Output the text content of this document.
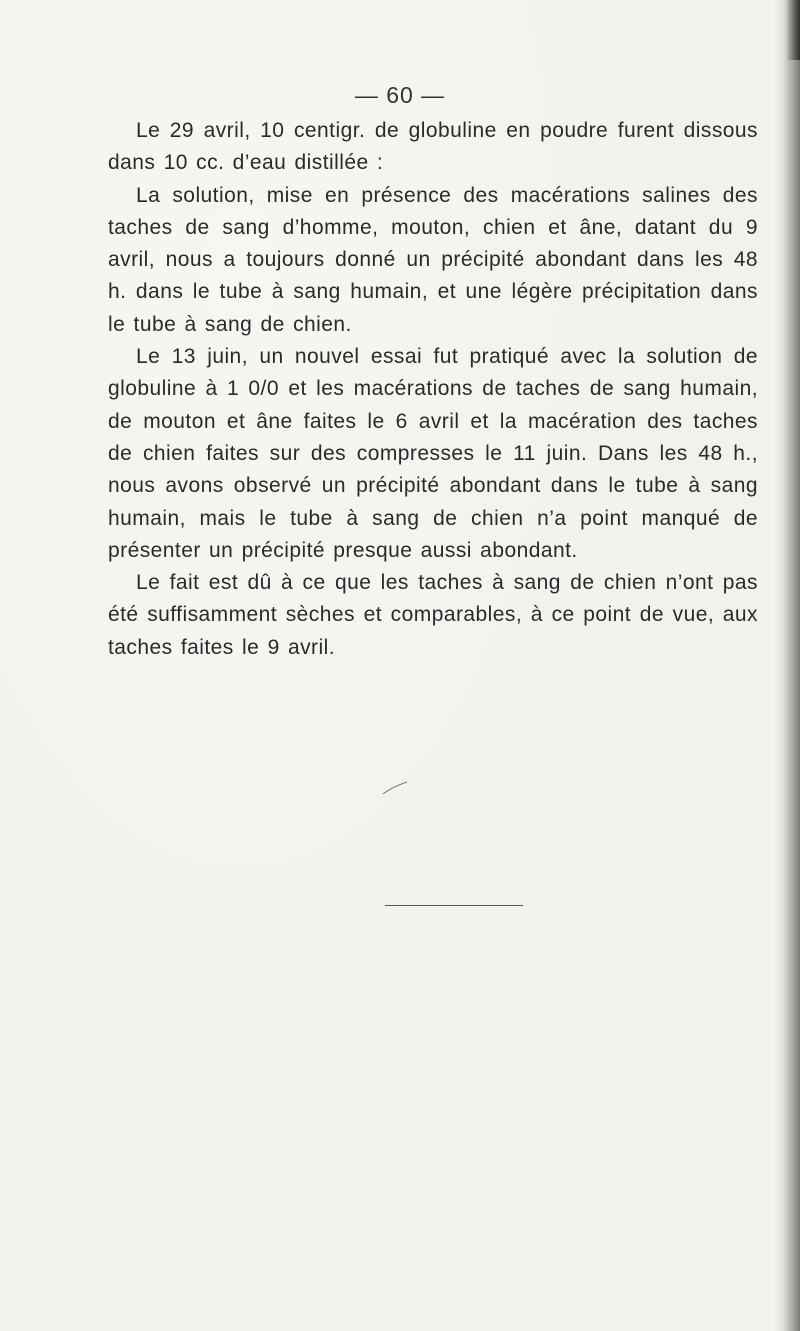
— 60 —

Le 29 avril, 10 centigr. de globuline en poudre furent dissous dans 10 cc. d’eau distillée :

La solution, mise en présence des macérations salines des taches de sang d’homme, mouton, chien et âne, datant du 9 avril, nous a toujours donné un précipité abondant dans les 48 h. dans le tube à sang humain, et une légère précipitation dans le tube à sang de chien.

Le 13 juin, un nouvel essai fut pratiqué avec la solution de globuline à 1 0/0 et les macérations de taches de sang humain, de mouton et âne faites le 6 avril et la macération des taches de chien faites sur des compresses le 11 juin. Dans les 48 h., nous avons observé un précipité abondant dans le tube à sang humain, mais le tube à sang de chien n’a point manqué de présenter un précipité presque aussi abondant.

Le fait est dû à ce que les taches à sang de chien n’ont pas été suffisamment sèches et comparables, à ce point de vue, aux taches faites le 9 avril.
